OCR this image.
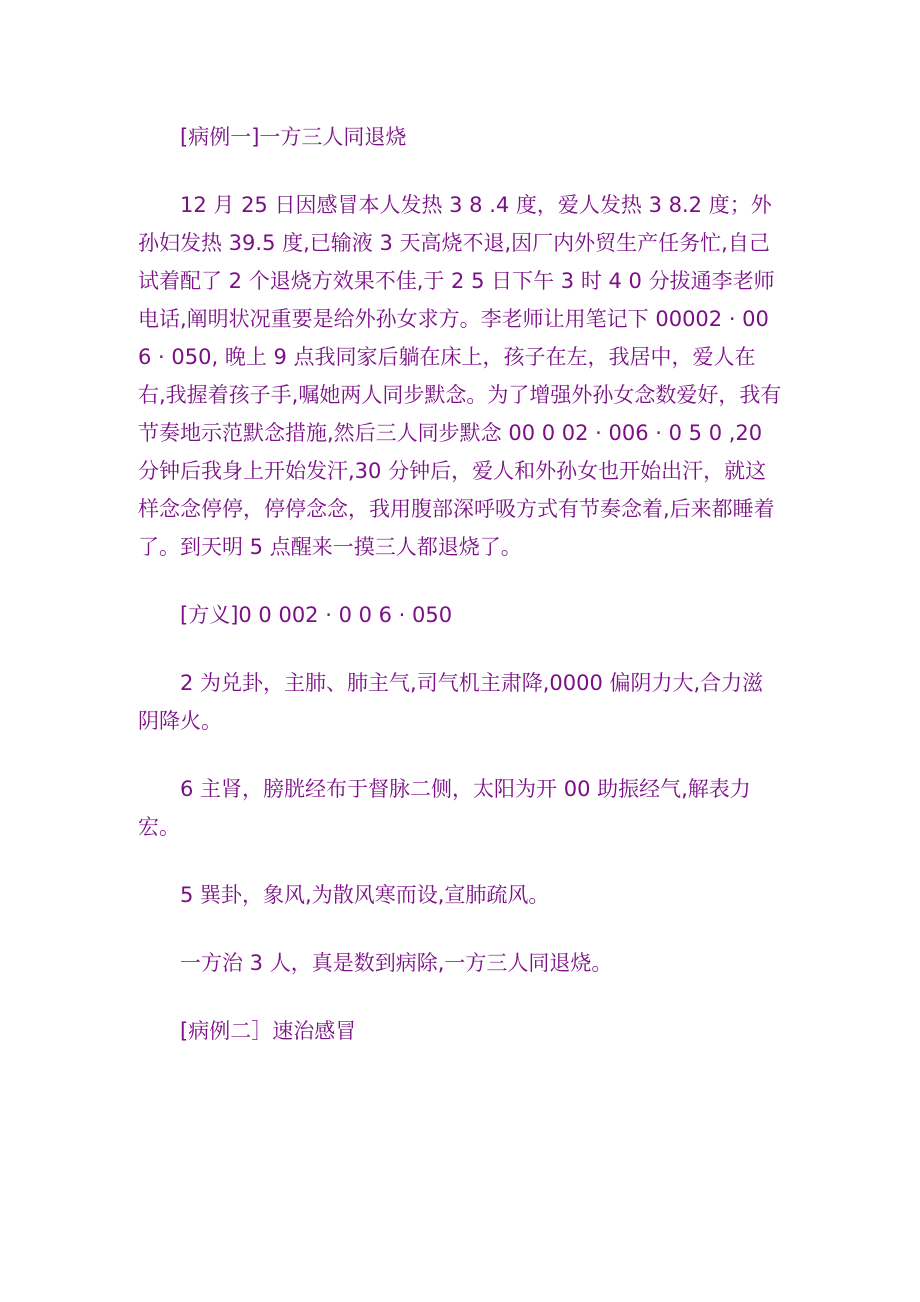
[病例一]一方三人同退烧

12 月 25 日因感冒本人发热 3 8 .4 度，爱人发热 3 8.2 度；外孙妇发热 39.5 度,已输液 3 天高烧不退,因厂内外贸生产任务忙,自己试着配了 2 个退烧方效果不佳,于 2 5 日下午 3 时 4 0 分拔通李老师电话,阐明状况重要是给外孙女求方。李老师让用笔记下 00002 · 006 · 050, 晚上 9 点我同家后躺在床上，孩子在左，我居中，爱人在右,我握着孩子手,嘱她两人同步默念。为了增强外孙女念数爱好，我有节奏地示范默念措施,然后三人同步默念 00 0 02 · 006 · 0 5 0 ,20 分钟后我身上开始发汗,30 分钟后，爱人和外孙女也开始出汗，就这样念念停停，停停念念，我用腹部深呼吸方式有节奏念着,后来都睡着了。到天明 5 点醒来一摸三人都退烧了。

[方义]0 0 002 · 0 0 6 · 050

2 为兑卦，主肺、肺主气,司气机主肃降,0000 偏阴力大,合力滋阴降火。

6 主肾，膀胱经布于督脉二侧，太阳为开 00 助振经气,解表力宏。

5 巽卦，象风,为散风寒而设,宣肺疏风。

一方治 3 人，真是数到病除,一方三人同退烧。

[病例二］速治感冒
